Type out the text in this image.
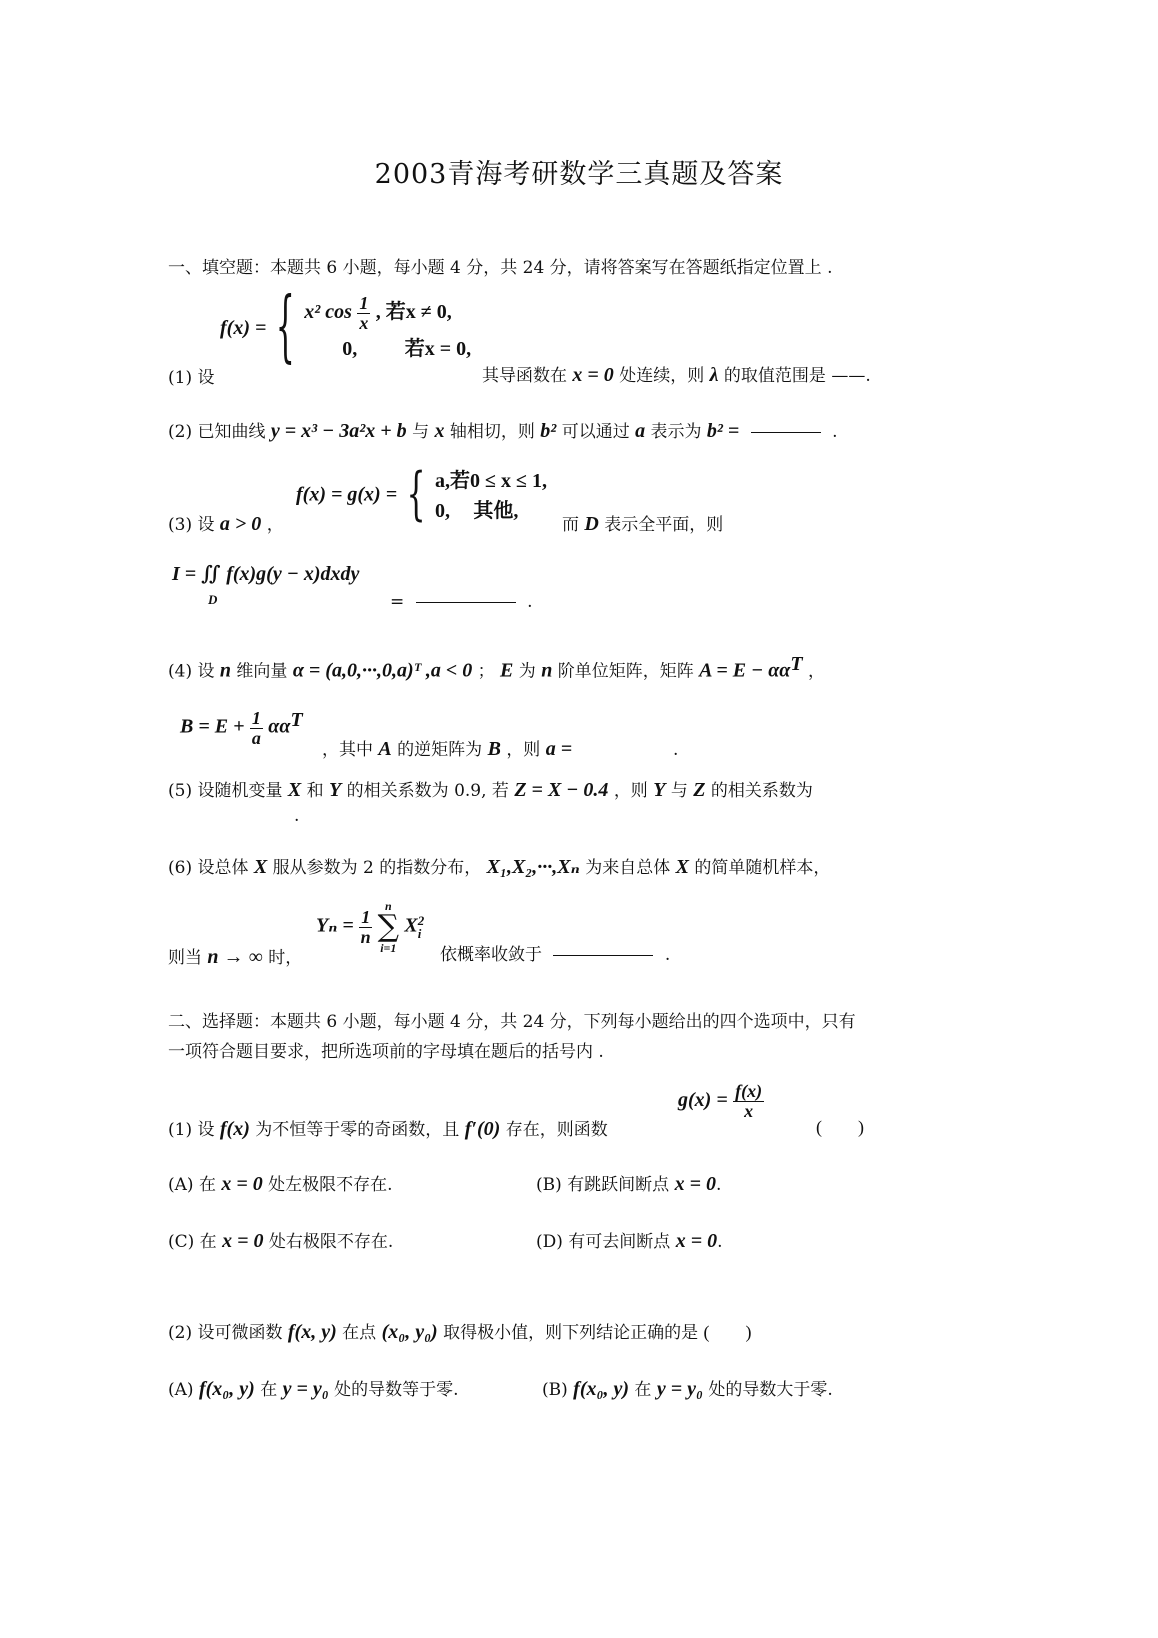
2003青海考研数学三真题及答案
一、填空题：本题共 6 小题，每小题 4 分，共 24 分，请将答案写在答题纸指定位置上 .
f(x) = { x² $\cos \frac{1}{x}$ , 若x ≠ 0,
0, 若x = 0,
(1) 设	其导函数在 x = 0 处连续，则 λ 的取值范围是 ——.
(2) 已知曲线 y = x³ − 3a²x + b 与 x 轴相切，则 b² 可以通过 a 表示为 b² =	.
f(x) = g(x) = { a,若0 ≤ x ≤ 1,
0, 其他,
(3) 设 a > 0 ，	而 D 表示全平面，则
I = ∬ f(x)g(y − x)dxdy
D	=	.
(4) 设 n 维向量 α = (a,0,···,0,a)ᵀ ,a < 0 ； E 为 n 阶单位矩阵，矩阵 $A = E - \alpha\alpha^T$ ，
$B = E + \frac{1}{a} \alpha\alpha^T$
，其中 A 的逆矩阵为 B ，则 a =	.
(5) 设随机变量 X 和 Y 的相关系数为 0.9, 若 Z = X − 0.4 ，则 Y 与 Z 的相关系数为
.
(6) 设总体 X 服从参数为 2 的指数分布， X₁,X₂,···,Xₙ 为来自总体 X 的简单随机样本，
则当 n → ∞ 时，
$Y_n = \frac{1}{n}$

n
∑
i=1
X 2
i
依概率收敛于	.
二、选择题：本题共 6 小题，每小题 4 分，共 24 分，下列每小题给出的四个选项中，只有
一项符合题目要求，把所选项前的字母填在题后的括号内 .
(1) 设 f(x) 为不恒等于零的奇函数，且 f′(0) 存在，则函数
$g(x) = \frac{f(x)}{x}$
(        )
(A) 在 x = 0 处左极限不存在.	(B) 有跳跃间断点 x = 0.
(C) 在 x = 0 处右极限不存在.	(D) 有可去间断点 x = 0.
(2) 设可微函数 f(x, y) 在点 (x₀, y₀) 取得极小值，则下列结论正确的是 (        )
(A) f(x₀, y) 在 y = y₀ 处的导数等于零.	(B) f(x₀, y) 在 y = y₀ 处的导数大于零.
